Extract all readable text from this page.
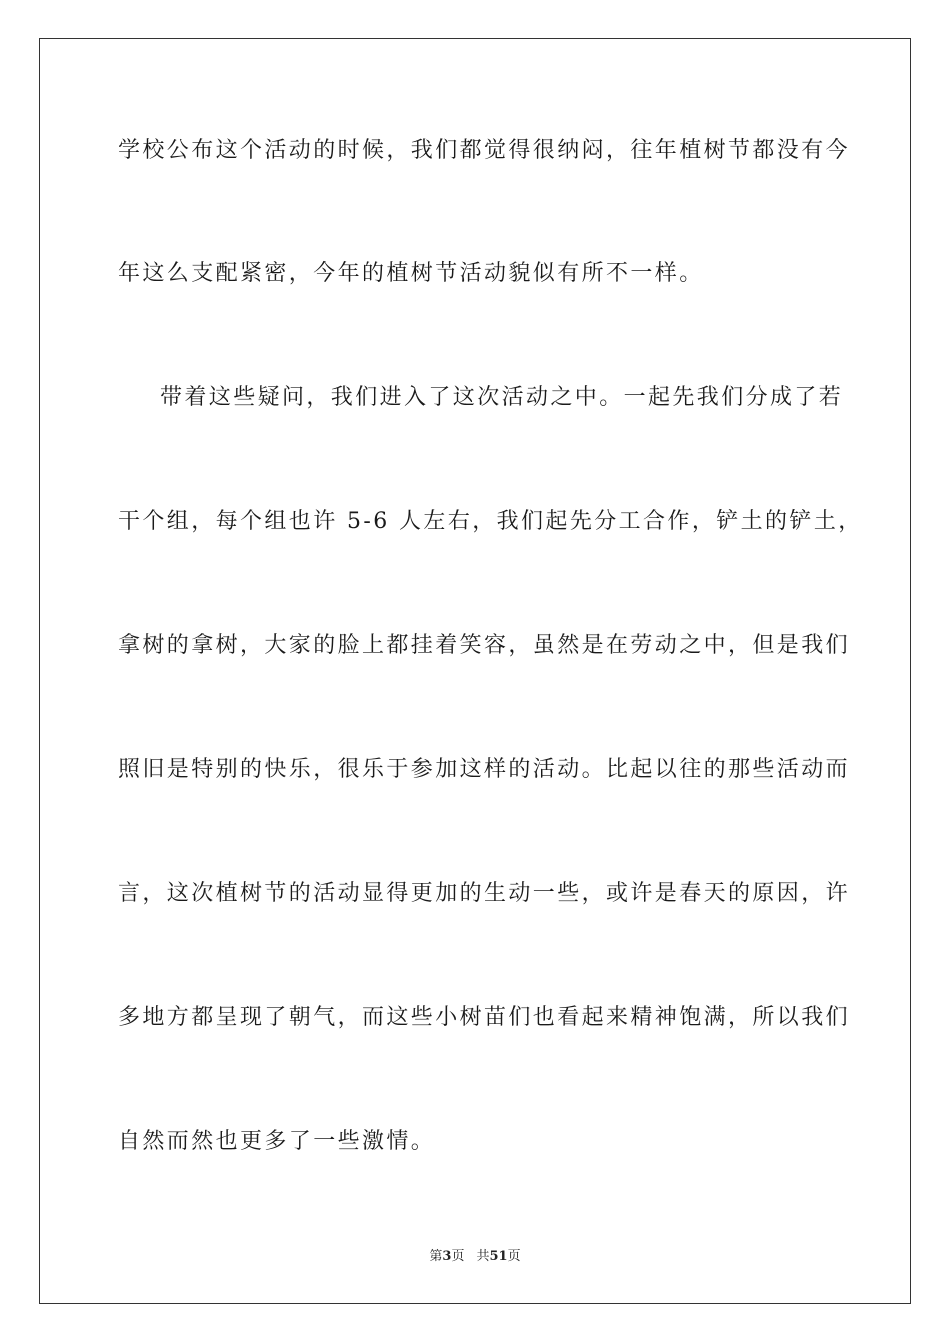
学校公布这个活动的时候，我们都觉得很纳闷，往年植树节都没有今
年这么支配紧密，今年的植树节活动貌似有所不一样。
带着这些疑问，我们进入了这次活动之中。一起先我们分成了若
干个组，每个组也许 5-6 人左右，我们起先分工合作，铲土的铲土，
拿树的拿树，大家的脸上都挂着笑容，虽然是在劳动之中，但是我们
照旧是特别的快乐，很乐于参加这样的活动。比起以往的那些活动而
言，这次植树节的活动显得更加的生动一些，或许是春天的原因，许
多地方都呈现了朝气，而这些小树苗们也看起来精神饱满，所以我们
自然而然也更多了一些激情。
第3页 共51页
